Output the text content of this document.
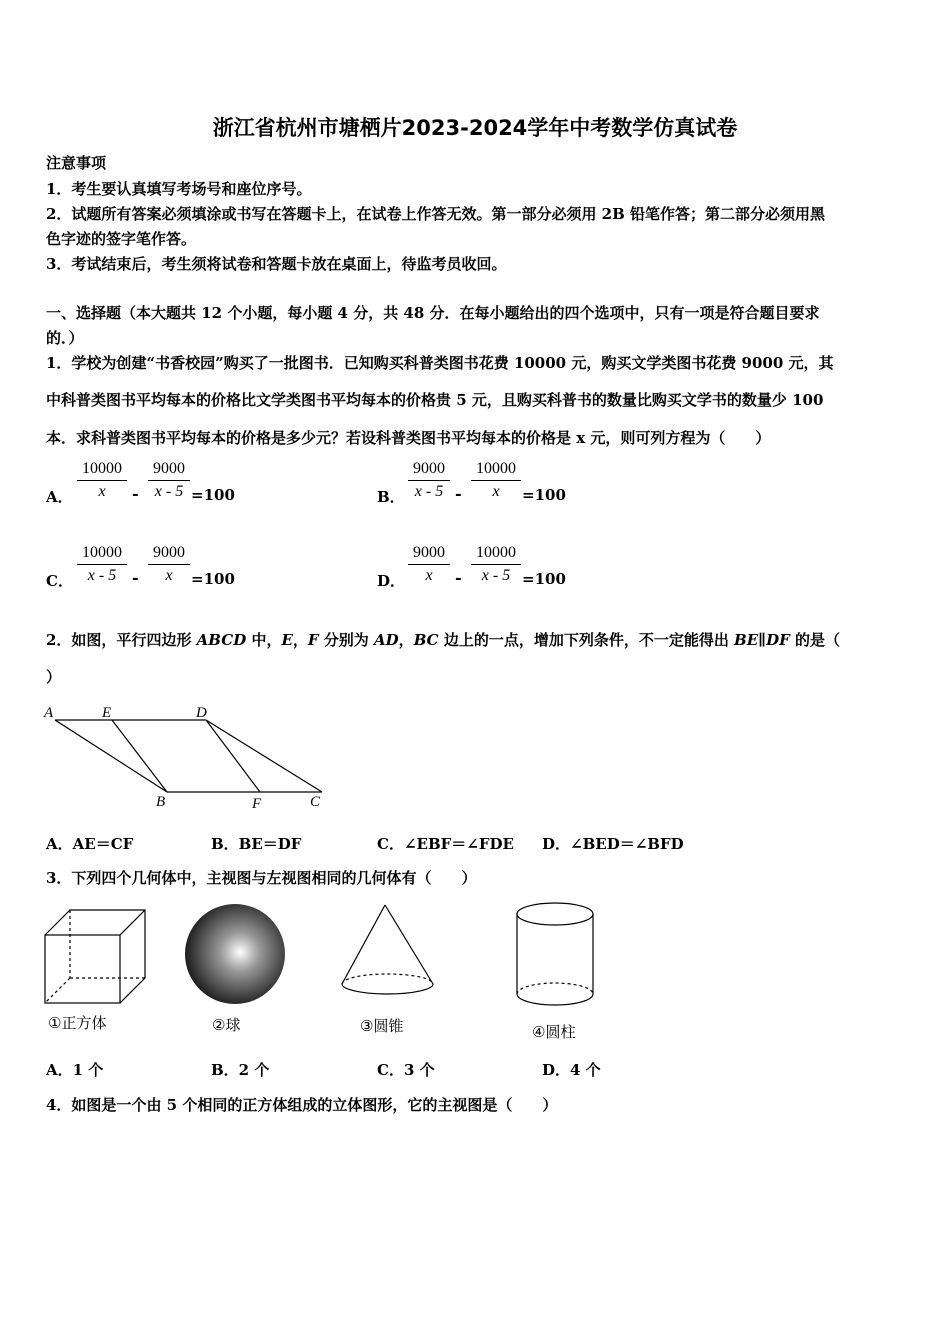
浙江省杭州市塘栖片2023-2024学年中考数学仿真试卷
注意事项
1．考生要认真填写考场号和座位序号。
2．试题所有答案必须填涂或书写在答题卡上，在试卷上作答无效。第一部分必须用 2B 铅笔作答；第二部分必须用黑
色字迹的签字笔作答。
3．考试结束后，考生须将试卷和答题卡放在桌面上，待监考员收回。
一、选择题（本大题共 12 个小题，每小题 4 分，共 48 分．在每小题给出的四个选项中，只有一项是符合题目要求
的．）
1．学校为创建“书香校园”购买了一批图书．已知购买科普类图书花费 10000 元，购买文学类图书花费 9000 元，其
中科普类图书平均每本的价格比文学类图书平均每本的价格贵 5 元，且购买科普书的数量比购买文学书的数量少 100
本．求科普类图书平均每本的价格是多少元？若设科普类图书平均每本的价格是 x 元，则可列方程为（　　）
A． $\frac{10000}{x} - \frac{9000}{x - 5} =100$	B． $\frac{9000}{x - 5} - \frac{10000}{x} =100$
C． $\frac{10000}{x - 5} - \frac{9000}{x} =100$	D． $\frac{9000}{x} - \frac{10000}{x - 5} =100$
2．如图，平行四边形 ABCD 中，E，F 分别为 AD，BC 边上的一点，增加下列条件，不一定能得出 BE∥DF 的是（
）
A	E	D
B	F	C
A．AE＝CF	B．BE＝DF	C．∠EBF＝∠FDE D．∠BED＝∠BFD
3．下列四个几何体中，主视图与左视图相同的几何体有（　　）
①正方体	②球	③圆锥	④圆柱
A．1 个	B．2 个	C．3 个	D．4 个
4．如图是一个由 5 个相同的正方体组成的立体图形，它的主视图是（　　）
